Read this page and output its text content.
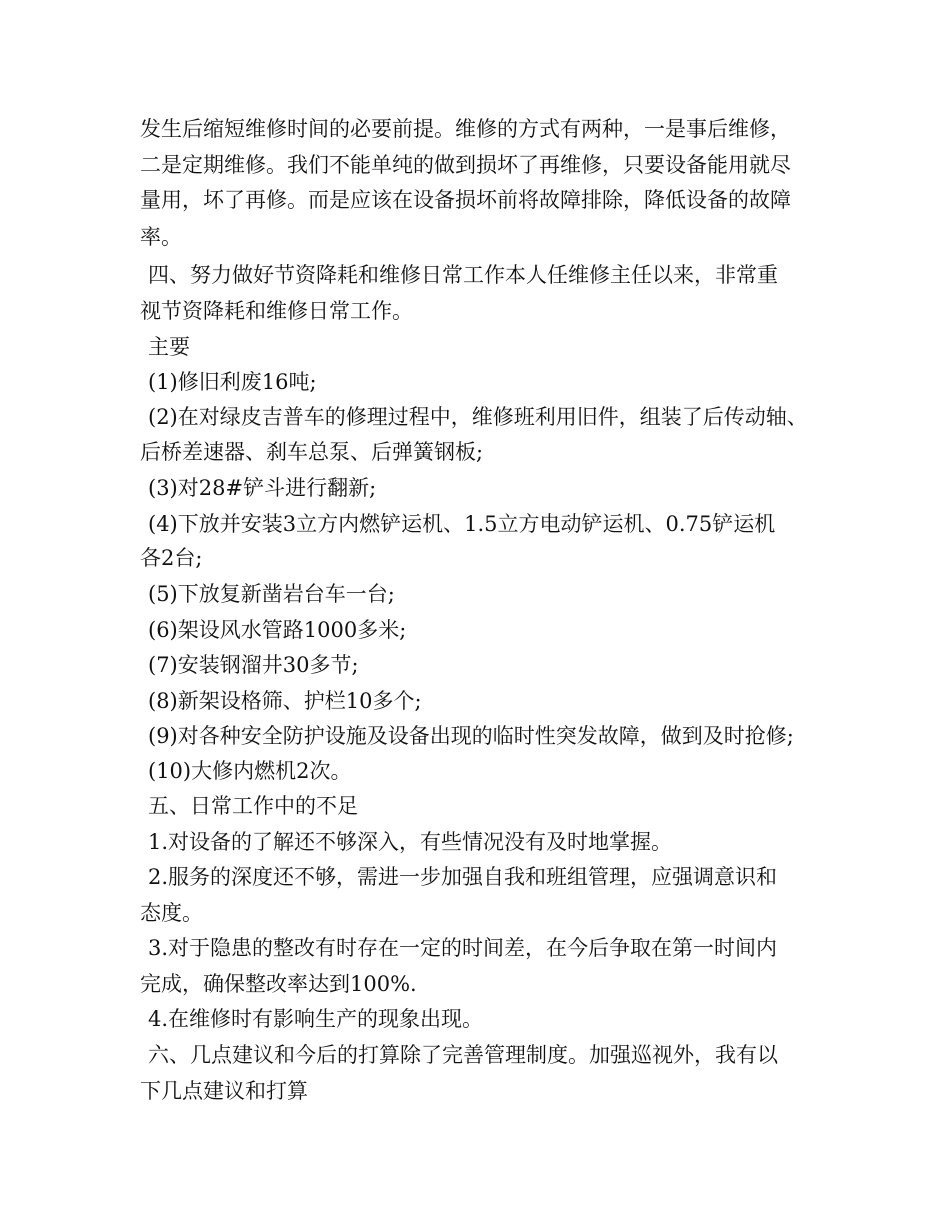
发生后缩短维修时间的必要前提。维修的方式有两种，一是事后维修，
二是定期维修。我们不能单纯的做到损坏了再维修，只要设备能用就尽
量用，坏了再修。而是应该在设备损坏前将故障排除，降低设备的故障
率。
四、努力做好节资降耗和维修日常工作本人任维修主任以来，非常重
视节资降耗和维修日常工作。
主要
(1)修旧利废16吨;
(2)在对绿皮吉普车的修理过程中，维修班利用旧件，组装了后传动轴、
后桥差速器、刹车总泵、后弹簧钢板;
(3)对28#铲斗进行翻新;
(4)下放并安装3立方内燃铲运机、1.5立方电动铲运机、0.75铲运机
各2台;
(5)下放复新凿岩台车一台;
(6)架设风水管路1000多米;
(7)安装钢溜井30多节;
(8)新架设格筛、护栏10多个;
(9)对各种安全防护设施及设备出现的临时性突发故障，做到及时抢修;
(10)大修内燃机2次。
五、日常工作中的不足
1.对设备的了解还不够深入，有些情况没有及时地掌握。
2.服务的深度还不够，需进一步加强自我和班组管理，应强调意识和
态度。
3.对于隐患的整改有时存在一定的时间差，在今后争取在第一时间内
完成，确保整改率达到100%.
4.在维修时有影响生产的现象出现。
六、几点建议和今后的打算除了完善管理制度。加强巡视外，我有以
下几点建议和打算
